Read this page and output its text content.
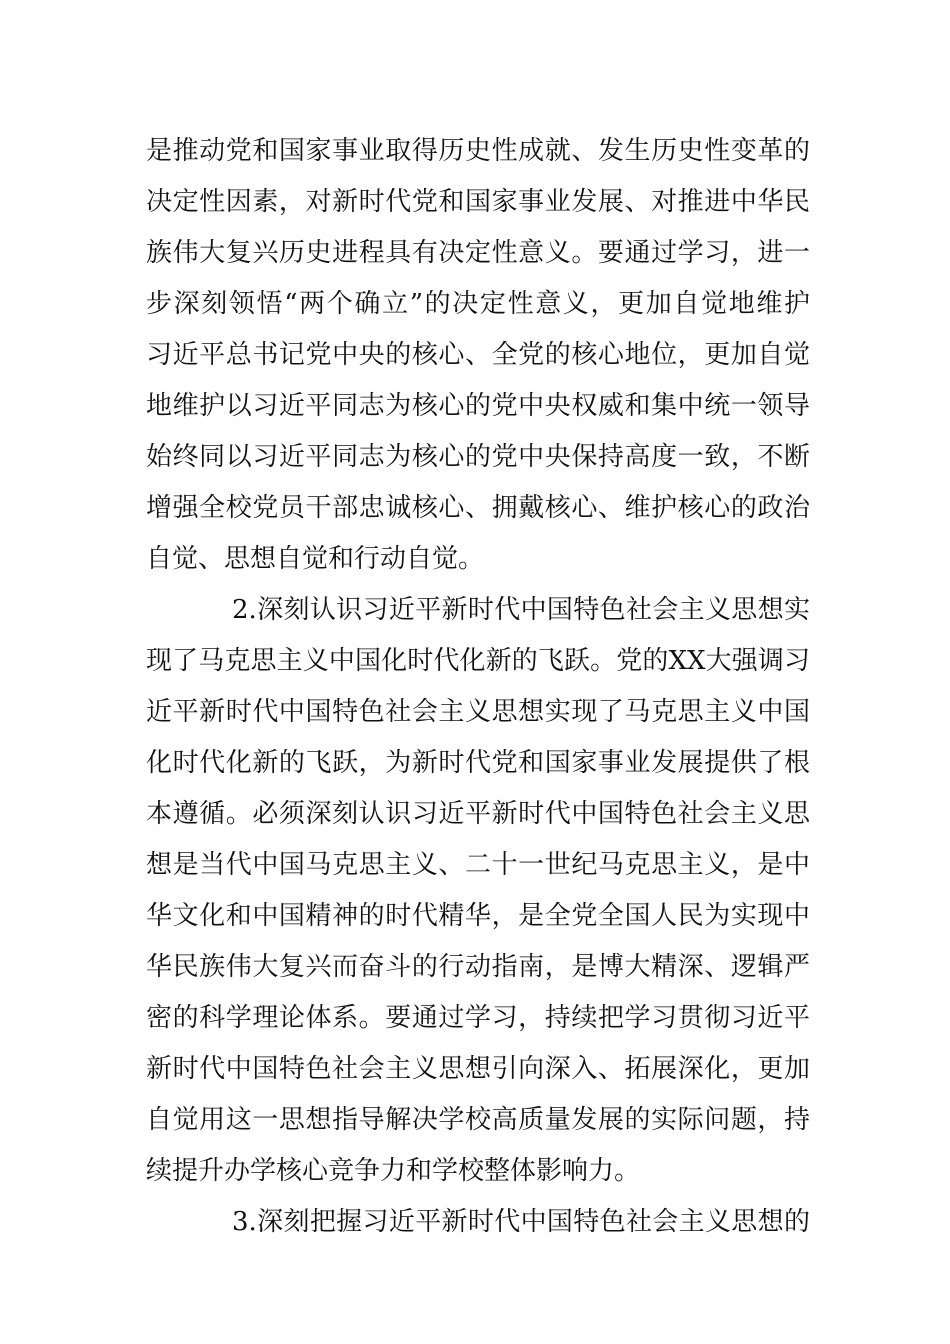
是推动党和国家事业取得历史性成就、发生历史性变革的
决定性因素，对新时代党和国家事业发展、对推进中华民
族伟大复兴历史进程具有决定性意义。要通过学习，进一
步深刻领悟“两个确立”的决定性意义，更加自觉地维护
习近平总书记党中央的核心、全党的核心地位，更加自觉
地维护以习近平同志为核心的党中央权威和集中统一领导
始终同以习近平同志为核心的党中央保持高度一致，不断
增强全校党员干部忠诚核心、拥戴核心、维护核心的政治
自觉、思想自觉和行动自觉。
2.深刻认识习近平新时代中国特色社会主义思想实
现了马克思主义中国化时代化新的飞跃。党的XX大强调习
近平新时代中国特色社会主义思想实现了马克思主义中国
化时代化新的飞跃，为新时代党和国家事业发展提供了根
本遵循。必须深刻认识习近平新时代中国特色社会主义思
想是当代中国马克思主义、二十一世纪马克思主义，是中
华文化和中国精神的时代精华，是全党全国人民为实现中
华民族伟大复兴而奋斗的行动指南，是博大精深、逻辑严
密的科学理论体系。要通过学习，持续把学习贯彻习近平
新时代中国特色社会主义思想引向深入、拓展深化，更加
自觉用这一思想指导解决学校高质量发展的实际问题，持
续提升办学核心竞争力和学校整体影响力。
3.深刻把握习近平新时代中国特色社会主义思想的
